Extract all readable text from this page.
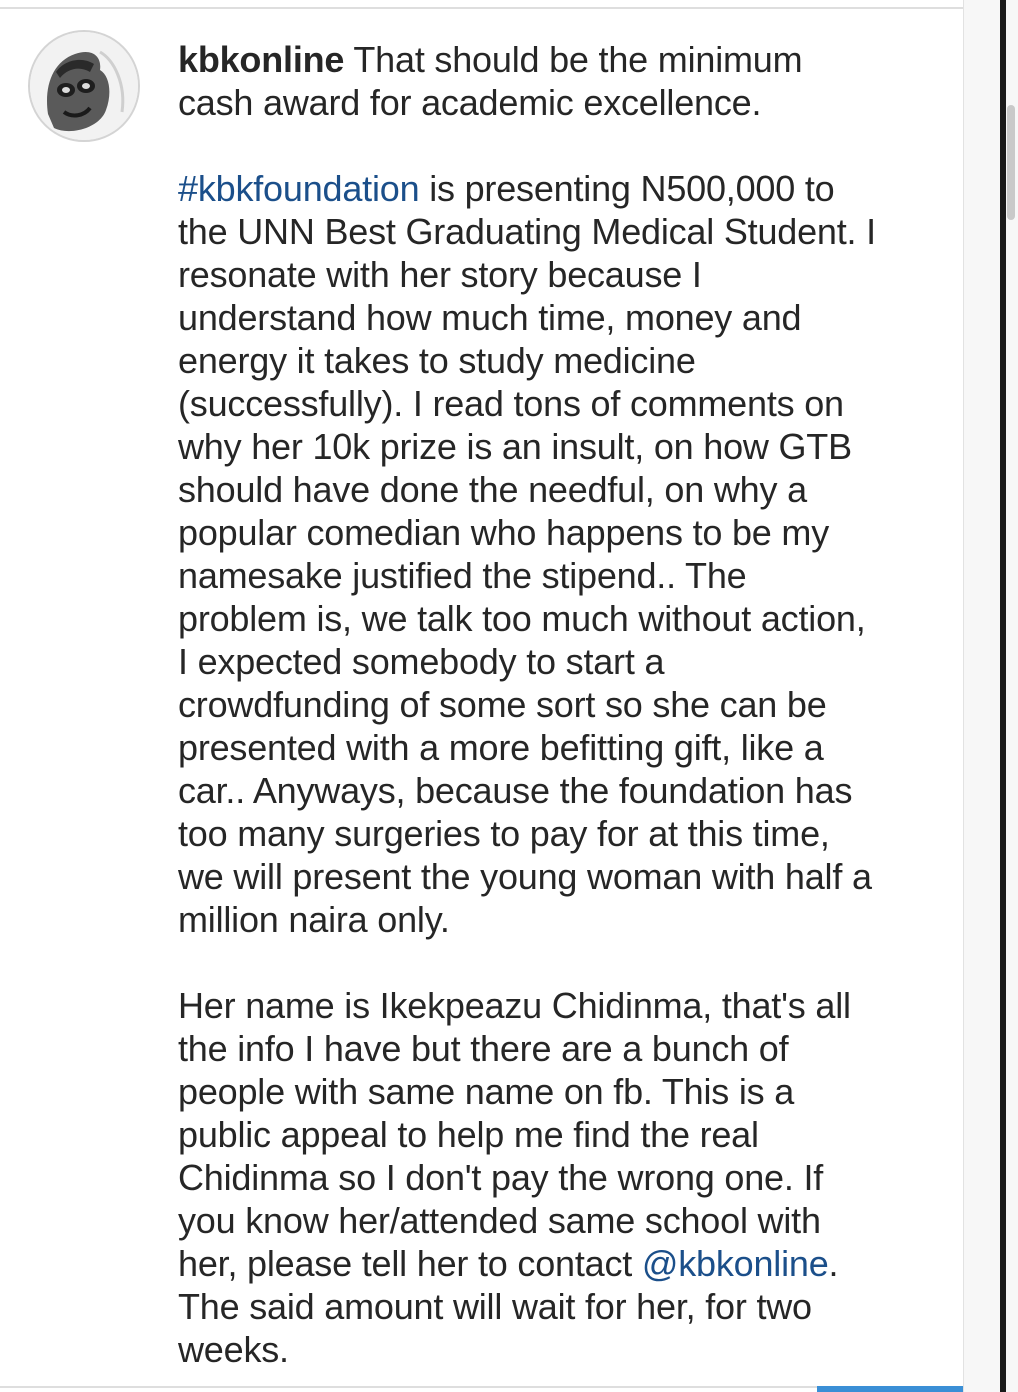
kbkonline That should be the minimum cash award for academic excellence.

#kbkfoundation is presenting N500,000 to the UNN Best Graduating Medical Student. I resonate with her story because I understand how much time, money and energy it takes to study medicine (successfully). I read tons of comments on why her 10k prize is an insult, on how GTB should have done the needful, on why a popular comedian who happens to be my namesake justified the stipend.. The problem is, we talk too much without action, I expected somebody to start a crowdfunding of some sort so she can be presented with a more befitting gift, like a car.. Anyways, because the foundation has too many surgeries to pay for at this time, we will present the young woman with half a million naira only.

Her name is Ikekpeazu Chidinma, that's all the info I have but there are a bunch of people with same name on fb. This is a public appeal to help me find the real Chidinma so I don't pay the wrong one. If you know her/attended same school with her, please tell her to contact @kbkonline. The said amount will wait for her, for two weeks.
